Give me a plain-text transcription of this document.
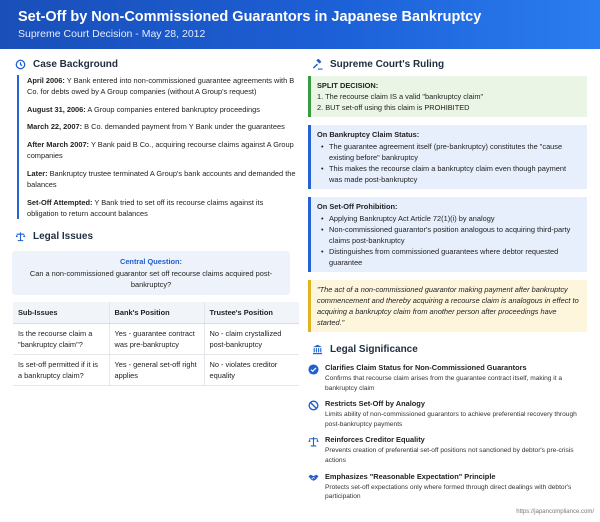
Set-Off by Non-Commissioned Guarantors in Japanese Bankruptcy
Supreme Court Decision - May 28, 2012
Case Background
April 2006: Y Bank entered into non-commissioned guarantee agreements with B Co. for debts owed by A Group companies (without A Group's request)
August 31, 2006: A Group companies entered bankruptcy proceedings
March 22, 2007: B Co. demanded payment from Y Bank under the guarantees
After March 2007: Y Bank paid B Co., acquiring recourse claims against A Group companies
Later: Bankruptcy trustee terminated A Group's bank accounts and demanded the balances
Set-Off Attempted: Y Bank tried to set off its recourse claims against its obligation to return account balances
Legal Issues
Central Question:
Can a non-commissioned guarantor set off recourse claims acquired post-bankruptcy?
Sub-Issues	Bank's Position	Trustee's Position
Is the recourse claim a "bankruptcy claim"?	Yes - guarantee contract was pre-bankruptcy	No - claim crystallized post-bankruptcy
Is set-off permitted if it is a bankruptcy claim?	Yes - general set-off right applies	No - violates creditor equality
Supreme Court's Ruling
SPLIT DECISION:
1. The recourse claim IS a valid "bankruptcy claim"
2. BUT set-off using this claim is PROHIBITED
On Bankruptcy Claim Status:
• The guarantee agreement itself (pre-bankruptcy) constitutes the "cause existing before" bankruptcy
• This makes the recourse claim a bankruptcy claim even though payment was made post-bankruptcy
On Set-Off Prohibition:
• Applying Bankruptcy Act Article 72(1)(i) by analogy
• Non-commissioned guarantor's position analogous to acquiring third-party claims post-bankruptcy
• Distinguishes from commissioned guarantees where debtor requested guarantee
"The act of a non-commissioned guarantor making payment after bankruptcy commencement and thereby acquiring a recourse claim is analogous in effect to acquiring a bankruptcy claim from another person after proceedings have started."
Legal Significance
Clarifies Claim Status for Non-Commissioned Guarantors
Confirms that recourse claim arises from the guarantee contract itself, making it a bankruptcy claim
Restricts Set-Off by Analogy
Limits ability of non-commissioned guarantors to achieve preferential recovery through post-bankruptcy payments
Reinforces Creditor Equality
Prevents creation of preferential set-off positions not sanctioned by debtor's pre-crisis actions
Emphasizes "Reasonable Expectation" Principle
Protects set-off expectations only where formed through direct dealings with debtor's participation
https://japancompliance.com/
